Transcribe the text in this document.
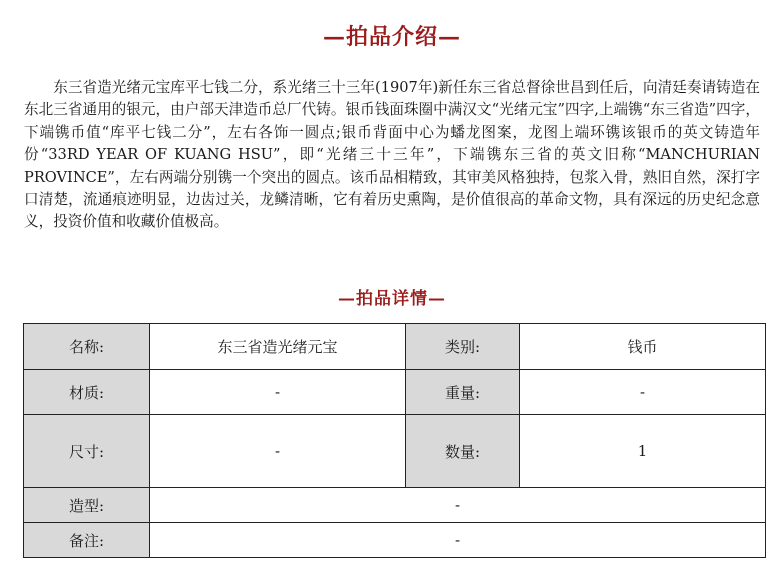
—拍品介绍—

东三省造光绪元宝库平七钱二分，系光绪三十三年(1907年)新任东三省总督徐世昌到任后，向清廷奏请铸造在东北三省通用的银元，由户部天津造币总厂代铸。银币钱面珠圈中满汉文“光绪元宝”四字,上端镌“东三省造”四字，下端镌币值“库平七钱二分”，左右各饰一圆点;银币背面中心为蟠龙图案，龙图上端环镌该银币的英文铸造年份“33RD YEAR OF KUANG HSU”，即“光绪三十三年”，下端镌东三省的英文旧称“MANCHURIAN PROVINCE”，左右两端分别镌一个突出的圆点。该币品相精致，其审美风格独持，包浆入骨，熟旧自然，深打字口清楚，流通痕迹明显，边齿过关，龙鳞清晰，它有着历史熏陶，是价值很高的革命文物，具有深远的历史纪念意义，投资价值和收藏价值极高。

—拍品详情—
名称:	东三省造光绪元宝	类别:	钱币
材质:	-	重量:	-
尺寸:	-	数量:	1
造型:	-		
备注:	-		
